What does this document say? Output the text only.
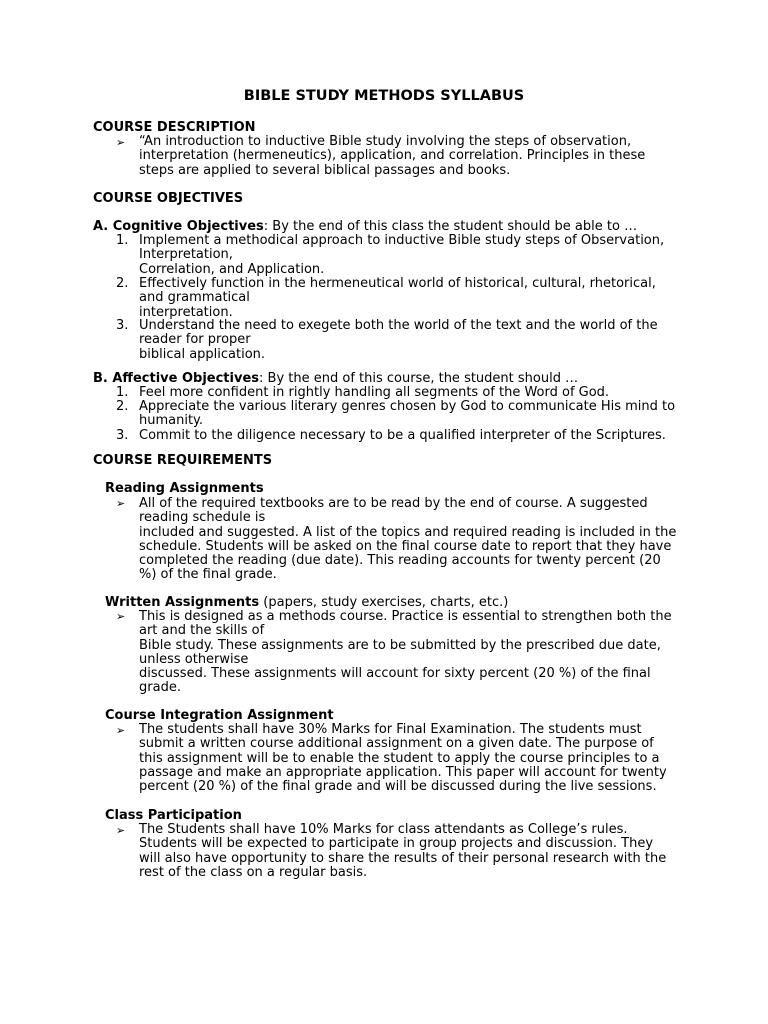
BIBLE STUDY METHODS SYLLABUS
COURSE DESCRIPTION
➢ “An introduction to inductive Bible study involving the steps of observation,
interpretation (hermeneutics), application, and correlation. Principles in these
steps are applied to several biblical passages and books.
COURSE OBJECTIVES
A. Cognitive Objectives: By the end of this class the student should be able to …
1. Implement a methodical approach to inductive Bible study steps of Observation,
Interpretation,
Correlation, and Application.
2. Effectively function in the hermeneutical world of historical, cultural, rhetorical,
and grammatical
interpretation.
3. Understand the need to exegete both the world of the text and the world of the
reader for proper
biblical application.
B. Affective Objectives: By the end of this course, the student should …
1. Feel more confident in rightly handling all segments of the Word of God.
2. Appreciate the various literary genres chosen by God to communicate His mind to
humanity.
3. Commit to the diligence necessary to be a qualified interpreter of the Scriptures.
COURSE REQUIREMENTS
Reading Assignments
➢ All of the required textbooks are to be read by the end of course. A suggested
reading schedule is
included and suggested. A list of the topics and required reading is included in the
schedule. Students will be asked on the final course date to report that they have
completed the reading (due date). This reading accounts for twenty percent (20
%) of the final grade.
Written Assignments (papers, study exercises, charts, etc.)
➢ This is designed as a methods course. Practice is essential to strengthen both the
art and the skills of
Bible study. These assignments are to be submitted by the prescribed due date,
unless otherwise
discussed. These assignments will account for sixty percent (20 %) of the final
grade.
Course Integration Assignment
➢ The students shall have 30% Marks for Final Examination. The students must
submit a written course additional assignment on a given date. The purpose of
this assignment will be to enable the student to apply the course principles to a
passage and make an appropriate application. This paper will account for twenty
percent (20 %) of the final grade and will be discussed during the live sessions.
Class Participation
➢ The Students shall have 10% Marks for class attendants as College’s rules.
Students will be expected to participate in group projects and discussion. They
will also have opportunity to share the results of their personal research with the
rest of the class on a regular basis.
